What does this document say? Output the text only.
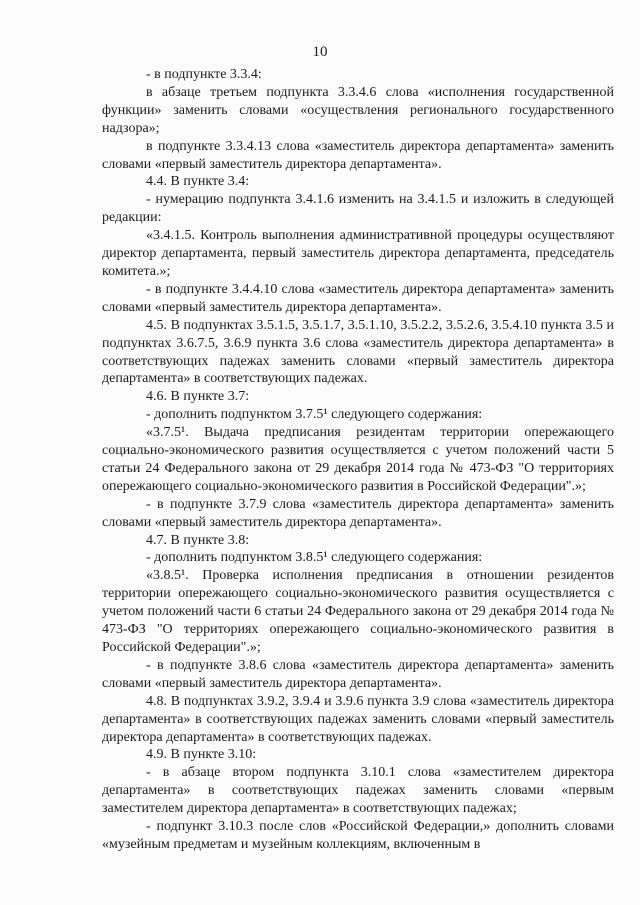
10

- в подпункте 3.3.4:

в абзаце третьем подпункта 3.3.4.6 слова «исполнения государственной функции» заменить словами «осуществления регионального государственного надзора»;

в подпункте 3.3.4.13 слова «заместитель директора департамента» заменить словами «первый заместитель директора департамента».

4.4. В пункте 3.4:

- нумерацию подпункта 3.4.1.6 изменить на 3.4.1.5 и изложить в следующей редакции:

«3.4.1.5. Контроль выполнения административной процедуры осуществляют директор департамента, первый заместитель директора департамента, председатель комитета.»;

- в подпункте 3.4.4.10 слова «заместитель директора департамента» заменить словами «первый заместитель директора департамента».

4.5. В подпунктах 3.5.1.5, 3.5.1.7, 3.5.1.10, 3.5.2.2, 3.5.2.6, 3.5.4.10 пункта 3.5 и подпунктах 3.6.7.5, 3.6.9 пункта 3.6 слова «заместитель директора департамента» в соответствующих падежах заменить словами «первый заместитель директора департамента» в соответствующих падежах.

4.6. В пункте 3.7:

- дополнить подпунктом 3.7.5¹ следующего содержания:

«3.7.5¹. Выдача предписания резидентам территории опережающего социально-экономического развития осуществляется с учетом положений части 5 статьи 24 Федерального закона от 29 декабря 2014 года № 473-ФЗ "О территориях опережающего социально-экономического развития в Российской Федерации".»;

- в подпункте 3.7.9 слова «заместитель директора департамента» заменить словами «первый заместитель директора департамента».

4.7. В пункте 3.8:

- дополнить подпунктом 3.8.5¹ следующего содержания:

«3.8.5¹. Проверка исполнения предписания в отношении резидентов территории опережающего социально-экономического развития осуществляется с учетом положений части 6 статьи 24 Федерального закона от 29 декабря 2014 года № 473-ФЗ "О территориях опережающего социально-экономического развития в Российской Федерации".»;

- в подпункте 3.8.6 слова «заместитель директора департамента» заменить словами «первый заместитель директора департамента».

4.8. В подпунктах 3.9.2, 3.9.4 и 3.9.6 пункта 3.9 слова «заместитель директора департамента» в соответствующих падежах заменить словами «первый заместитель директора департамента» в соответствующих падежах.

4.9. В пункте 3.10:

- в абзаце втором подпункта 3.10.1 слова «заместителем директора департамента» в соответствующих падежах заменить словами «первым заместителем директора департамента» в соответствующих падежах;

- подпункт 3.10.3 после слов «Российской Федерации,» дополнить словами «музейным предметам и музейным коллекциям, включенным в
